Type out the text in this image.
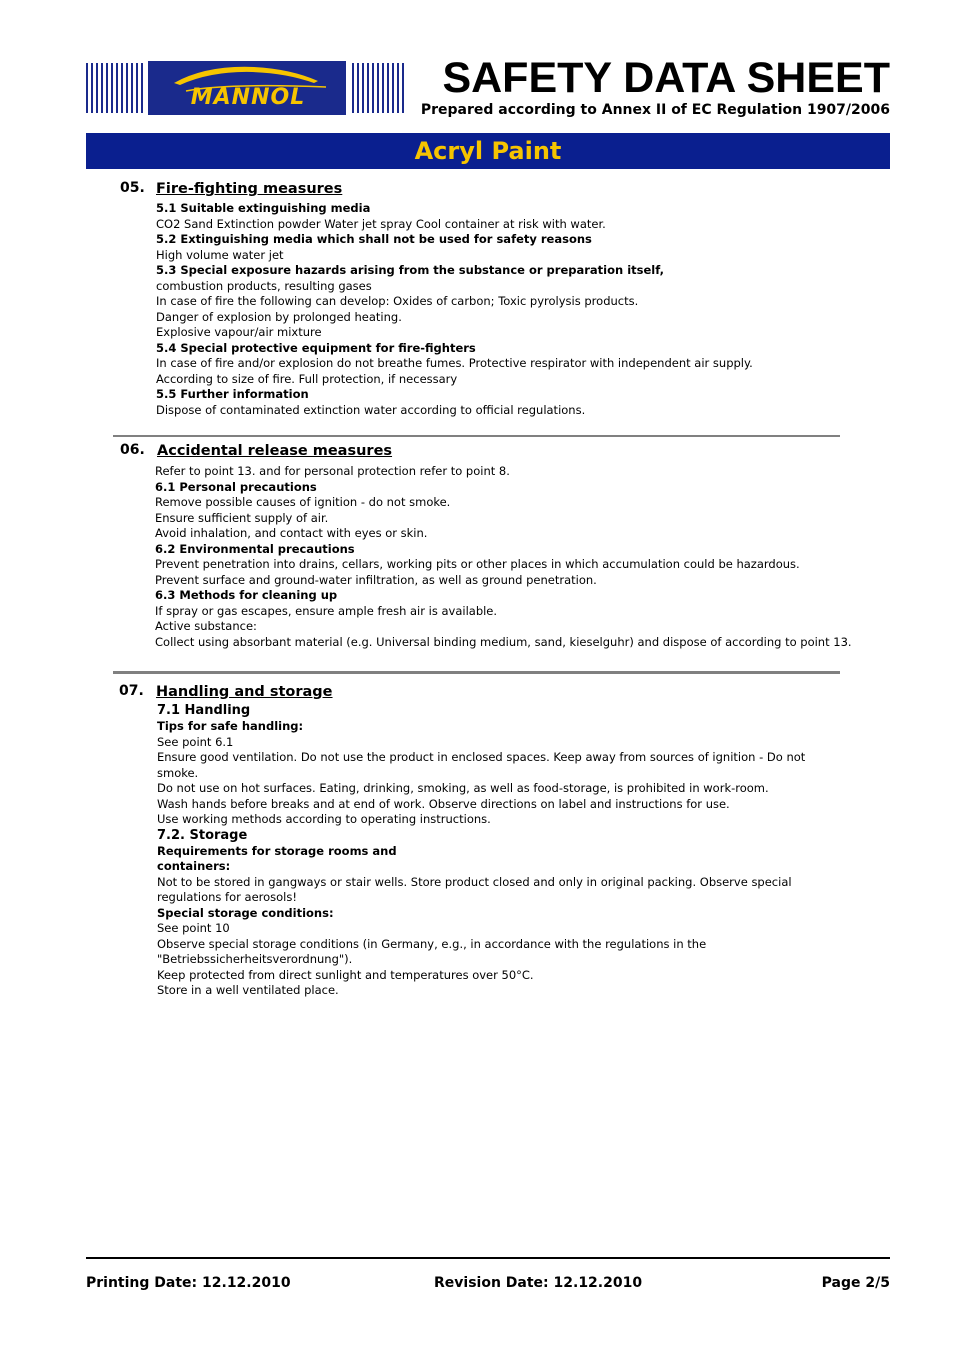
MANNOL	SAFETY DATA SHEET
Prepared according to Annex II of EC Regulation 1907/2006
Acryl Paint
05. Fire-fighting measures
5.1 Suitable extinguishing media
CO2 Sand Extinction powder Water jet spray Cool container at risk with water.
5.2 Extinguishing media which shall not be used for safety reasons
High volume water jet
5.3 Special exposure hazards arising from the substance or preparation itself,
combustion products, resulting gases
In case of fire the following can develop: Oxides of carbon; Toxic pyrolysis products.
Danger of explosion by prolonged heating.
Explosive vapour/air mixture
5.4 Special protective equipment for fire-fighters
In case of fire and/or explosion do not breathe fumes. Protective respirator with independent air supply.
According to size of fire. Full protection, if necessary
5.5 Further information
Dispose of contaminated extinction water according to official regulations.
06. Accidental release measures
Refer to point 13. and for personal protection refer to point 8.
6.1 Personal precautions
Remove possible causes of ignition - do not smoke.
Ensure sufficient supply of air.
Avoid inhalation, and contact with eyes or skin.
6.2 Environmental precautions
Prevent penetration into drains, cellars, working pits or other places in which accumulation could be hazardous.
Prevent surface and ground-water infiltration, as well as ground penetration.
6.3 Methods for cleaning up
If spray or gas escapes, ensure ample fresh air is available.
Active substance:
Collect using absorbant material (e.g. Universal binding medium, sand, kieselguhr) and dispose of according to point 13.
07. Handling and storage
7.1 Handling
Tips for safe handling:
See point 6.1
Ensure good ventilation. Do not use the product in enclosed spaces. Keep away from sources of ignition - Do not
smoke.
Do not use on hot surfaces. Eating, drinking, smoking, as well as food-storage, is prohibited in work-room.
Wash hands before breaks and at end of work. Observe directions on label and instructions for use.
Use working methods according to operating instructions.
7.2. Storage
Requirements for storage rooms and
containers:
Not to be stored in gangways or stair wells. Store product closed and only in original packing. Observe special
regulations for aerosols!
Special storage conditions:
See point 10
Observe special storage conditions (in Germany, e.g., in accordance with the regulations in the
"Betriebssicherheitsverordnung").
Keep protected from direct sunlight and temperatures over 50°C.
Store in a well ventilated place.
Printing Date: 12.12.2010	Revision Date: 12.12.2010	Page 2/5
